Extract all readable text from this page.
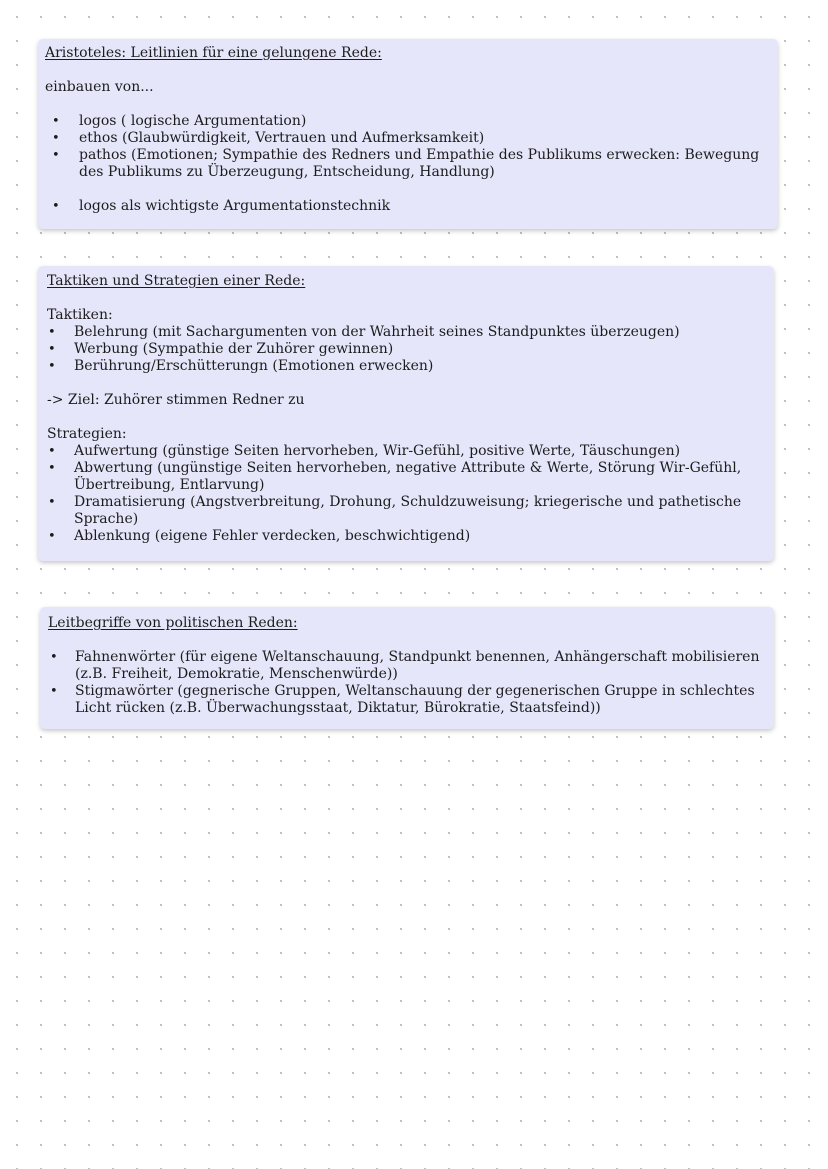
Aristoteles: Leitlinien für eine gelungene Rede:

einbauen von...

• logos ( logische Argumentation)
• ethos (Glaubwürdigkeit, Vertrauen und Aufmerksamkeit)
• pathos (Emotionen; Sympathie des Redners und Empathie des Publikums erwecken: Bewegung des Publikums zu Überzeugung, Entscheidung, Handlung)
• logos als wichtigste Argumentationstechnik
Taktiken und Strategien einer Rede:

Taktiken:

• Belehrung (mit Sachargumenten von der Wahrheit seines Standpunktes überzeugen)
• Werbung (Sympathie der Zuhörer gewinnen)
• Berührung/Erschütterungn (Emotionen erwecken)

-> Ziel: Zuhörer stimmen Redner zu

Strategien:

• Aufwertung (günstige Seiten hervorheben, Wir-Gefühl, positive Werte, Täuschungen)
• Abwertung (ungünstige Seiten hervorheben, negative Attribute & Werte, Störung Wir-Gefühl, Übertreibung, Entlarvung)
• Dramatisierung (Angstverbreitung, Drohung, Schuldzuweisung; kriegerische und pathetische Sprache)
• Ablenkung (eigene Fehler verdecken, beschwichtigend)
Leitbegriffe von politischen Reden:
• Fahnenwörter (für eigene Weltanschauung, Standpunkt benennen, Anhängerschaft mobilisieren (z.B. Freiheit, Demokratie, Menschenwürde))
• Stigmawörter (gegnerische Gruppen, Weltanschauung der gegenerischen Gruppe in schlechtes Licht rücken (z.B. Überwachungsstaat, Diktatur, Bürokratie, Staatsfeind))
